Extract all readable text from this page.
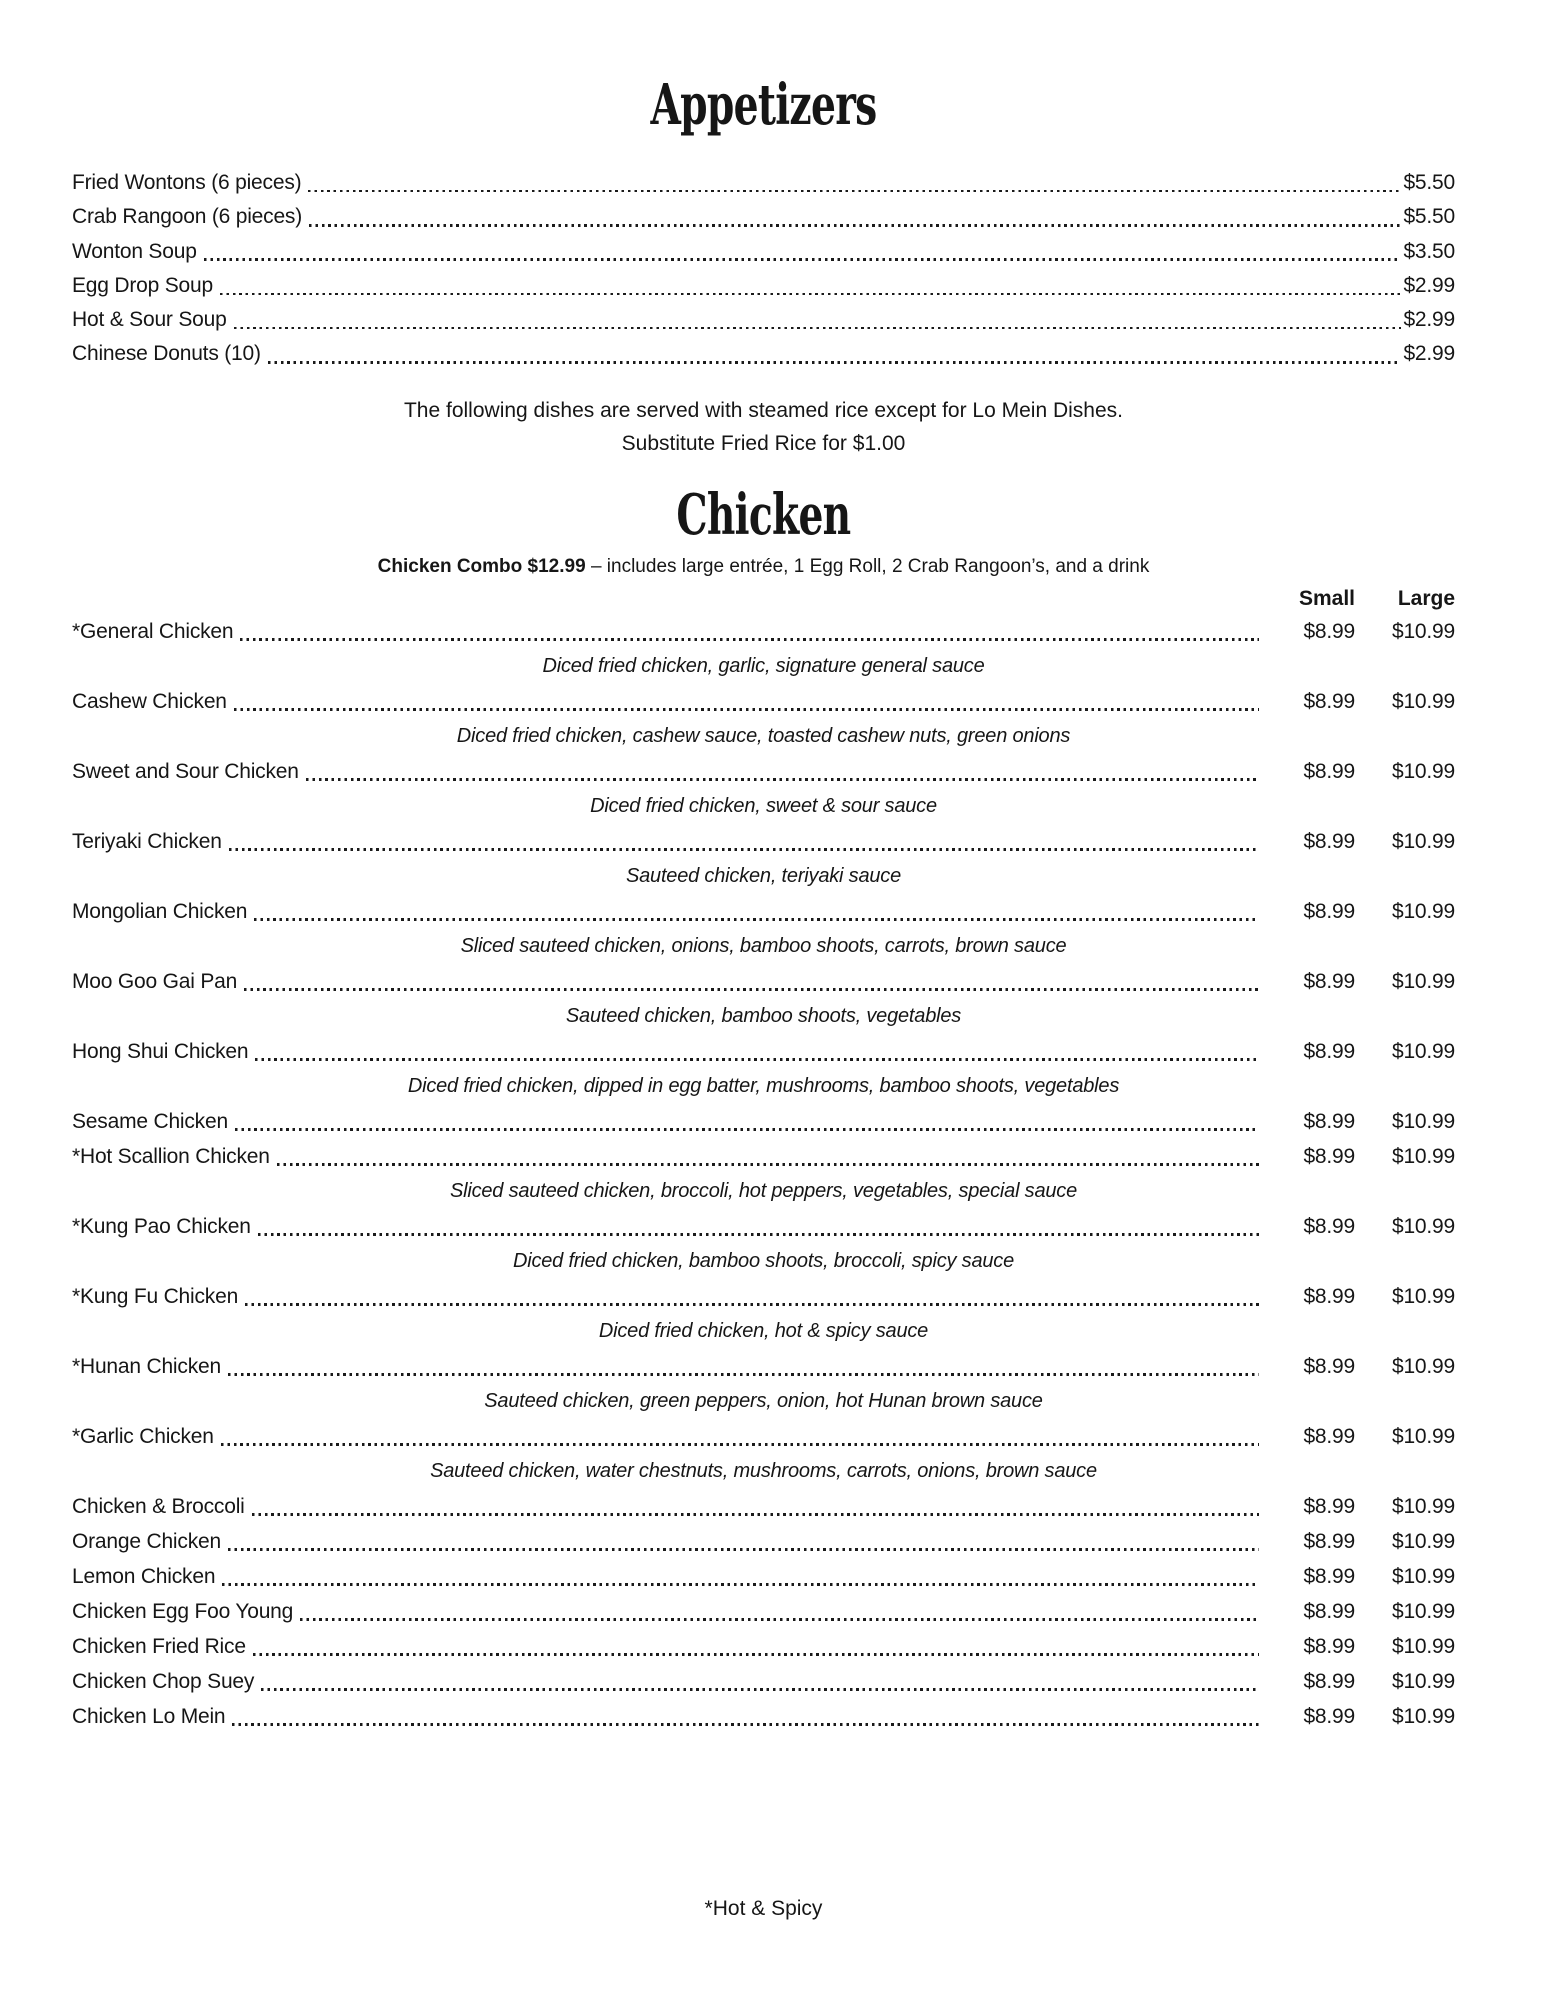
Appetizers
Fried Wontons (6 pieces)	$5.50
Crab Rangoon (6 pieces)	$5.50
Wonton Soup	$3.50
Egg Drop Soup	$2.99
Hot & Sour Soup	$2.99
Chinese Donuts (10)	$2.99
The following dishes are served with steamed rice except for Lo Mein Dishes.
Substitute Fried Rice for $1.00
Chicken
Chicken Combo $12.99 – includes large entrée, 1 Egg Roll, 2 Crab Rangoon’s, and a drink
Small	Large
*General Chicken	$8.99	$10.99
Diced fried chicken, garlic, signature general sauce
Cashew Chicken	$8.99	$10.99
Diced fried chicken, cashew sauce, toasted cashew nuts, green onions
Sweet and Sour Chicken	$8.99	$10.99
Diced fried chicken, sweet & sour sauce
Teriyaki Chicken	$8.99	$10.99
Sauteed chicken, teriyaki sauce
Mongolian Chicken	$8.99	$10.99
Sliced sauteed chicken, onions, bamboo shoots, carrots, brown sauce
Moo Goo Gai Pan	$8.99	$10.99
Sauteed chicken, bamboo shoots, vegetables
Hong Shui Chicken	$8.99	$10.99
Diced fried chicken, dipped in egg batter, mushrooms, bamboo shoots, vegetables
Sesame Chicken	$8.99	$10.99
*Hot Scallion Chicken	$8.99	$10.99
Sliced sauteed chicken, broccoli, hot peppers, vegetables, special sauce
*Kung Pao Chicken	$8.99	$10.99
Diced fried chicken, bamboo shoots, broccoli, spicy sauce
*Kung Fu Chicken	$8.99	$10.99
Diced fried chicken, hot & spicy sauce
*Hunan Chicken	$8.99	$10.99
Sauteed chicken, green peppers, onion, hot Hunan brown sauce
*Garlic Chicken	$8.99	$10.99
Sauteed chicken, water chestnuts, mushrooms, carrots, onions, brown sauce
Chicken & Broccoli	$8.99	$10.99
Orange Chicken	$8.99	$10.99
Lemon Chicken	$8.99	$10.99
Chicken Egg Foo Young	$8.99	$10.99
Chicken Fried Rice	$8.99	$10.99
Chicken Chop Suey	$8.99	$10.99
Chicken Lo Mein	$8.99	$10.99
*Hot & Spicy
